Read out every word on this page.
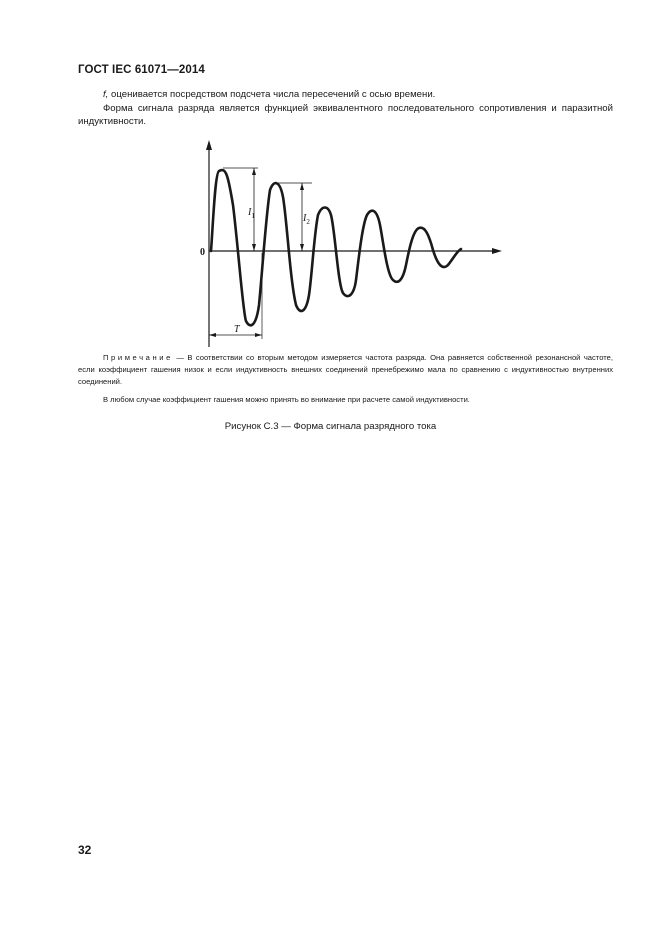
ГОСТ IEC 61071—2014
f, оценивается посредством подсчета числа пересечений с осью времени.
Форма сигнала разряда является функцией эквивалентного последовательного сопротивления и паразитной индуктивности.
0
$I_1$	$I_2$
T
Примечание — В соответствии со вторым методом измеряется частота разряда. Она равняется собственной резонансной частоте, если коэффициент гашения низок и если индуктивность внешних соединений пренебрежимо мала по сравнению с индуктивностью внутренних соединений.
В любом случае коэффициент гашения можно принять во внимание при расчете самой индуктивности.
Рисунок С.3 — Форма сигнала разрядного тока
32
